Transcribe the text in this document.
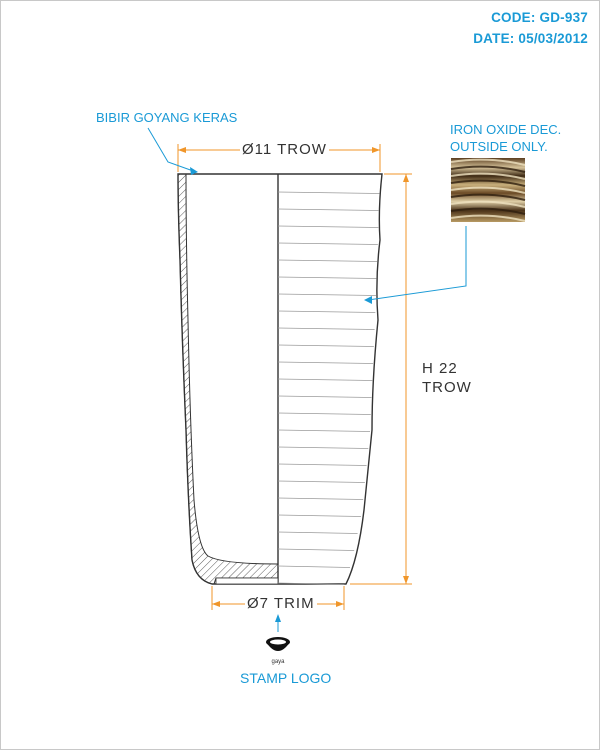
gaya
CODE: GD-937
DATE: 05/03/2012
BIBIR GOYANG KERAS
IRON OXIDE DEC.
OUTSIDE ONLY.
STAMP LOGO
Ø11 TROW
H 22
TROW
Ø7 TRIM
